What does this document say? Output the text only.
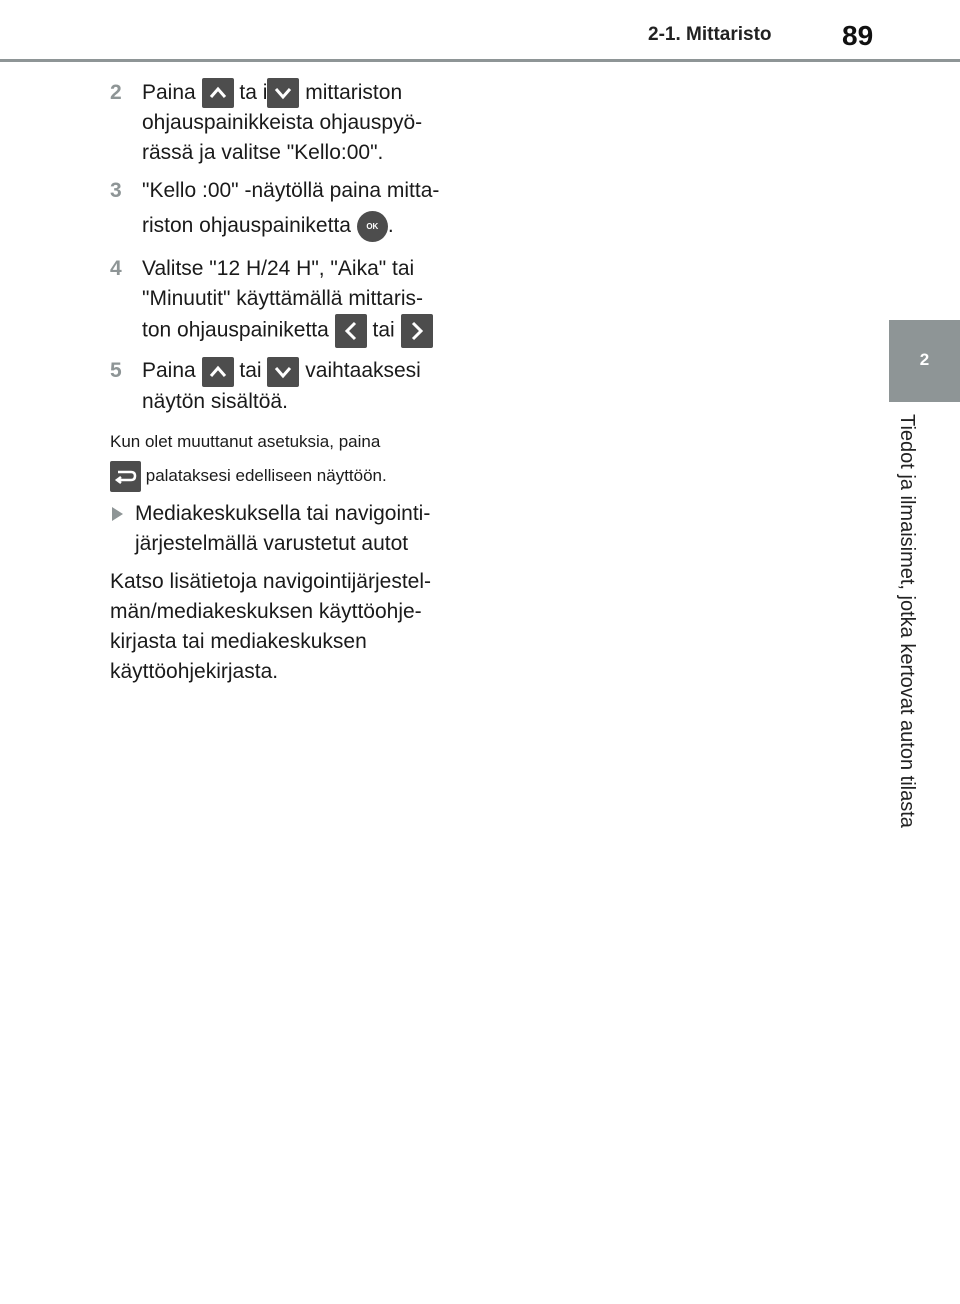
2-1. Mittaristo	89
2
Tiedot ja ilmaisimet, jotka kertovat auton tilasta
2 Paina ta i mittariston ohjauspainikkeista ohjauspyö-rässä ja valitse "Kello:00".
3 "Kello :00" -näytöllä paina mitta-
riston ohjauspainiketta OK .
4 Valitse "12 H/24 H", "Aika" tai "Minuutit" käyttämällä mittaris-
ton ohjauspainiketta tai
5 Paina tai vaihtaaksesi näytön sisältöä.
Kun olet muuttanut asetuksia, paina

palataksesi edelliseen näyttöön.
Mediakeskuksella tai navigointi-järjestelmällä varustetut autot
Katso lisätietoja navigointijärjestel-män/mediakeskuksen käyttöohje-kirjasta tai mediakeskuksen käyttöohjekirjasta.
